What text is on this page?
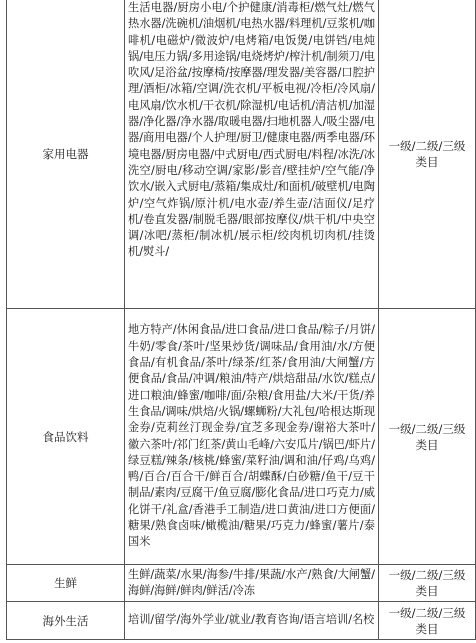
家用电器	生活电器/厨房小电/个护健康/消毒柜/燃气灶/燃气热水器/洗碗机/油烟机/电热水器/料理机/豆浆机/咖啡机/电磁炉/微波炉/电烤箱/电饭煲/电饼铛/电炖锅/电压力锅/多用途锅/电烧烤炉/榨汁机/制须刀/电吹风/足浴盆/按摩椅/按摩器/理发器/美容器/口腔护理/酒柜/冰箱/空调/洗衣机/平板电视/冷柜/冷风扇/电风扇/饮水机/干衣机/除湿机/电话机/清洁机/加湿器/净化器/净水器/取暖电器/扫地机器人/吸尘器/电器/商用电器/个人护理/厨卫/健康电器/两季电器/环境电器/厨房电器/中式厨电/西式厨电/料程/冰洗/冰洗空/厨电/移动空调/家影/影音/壁挂炉/空气能/净饮水/嵌入式厨电/蒸箱/集成灶/和面机/破壁机/电陶炉/空气炸锅/原汁机/电水壶/养生壶/洁面仪/足疗机/卷直发器/制脱毛器/眼部按摩仪/烘干机/中央空调/冰吧/蒸柜/制冰机/展示柜/绞肉机切肉机/挂烫机/熨斗/	一级/二级/三级
类目

食品饮料	地方特产/休闲食品/进口食品/进口食品/粽子/月饼/牛奶/零食/茶叶/坚果炒货/调味品/食用油/水/方便食品/有机食品/茶叶/绿茶/红茶/食用油/大闸蟹/方便食品/食品/冲调/粮油/特产/烘焙甜品/水饮/糕点/进口粮油/蜂蜜/咖啡/面/杂粮/食用盐/大米/干货/养生食品/调味/烘焙/火锅/螺蛳粉/大礼包/哈根达斯现金券/克莉丝汀现金券/宜芝多现金券/谢裕大茶叶/徽六茶叶/祁门红茶/黄山毛峰/六安瓜片/锅巴/虾片/绿豆糕/辣条/核桃/蜂蜜/菜籽油/调和油/仔鸡/乌鸡/鸭/百合/百合干/鲜百合/胡蝶酥/白砂糖/鱼干/豆干制品/素肉/豆腐干/鱼豆腐/膨化食品/进口巧克力/威化饼干/礼盒/香港手工制造/进口黄油/进口方便面/糖果/熟食卤味/橄榄油/糖果/巧克力/蜂蜜/薯片/泰国米	一级/二级/三级
类目

生鲜	生鲜/蔬菜/水果/海参/牛排/果蔬/水产/熟食/大闸蟹/海鲜/海鲜/鲜肉/鲜活/冷冻	一级/二级/三级
类目

海外生活	培训/留学/海外学业/就业/教育咨询/语言培训/名校	一级/二级/三级
类目
